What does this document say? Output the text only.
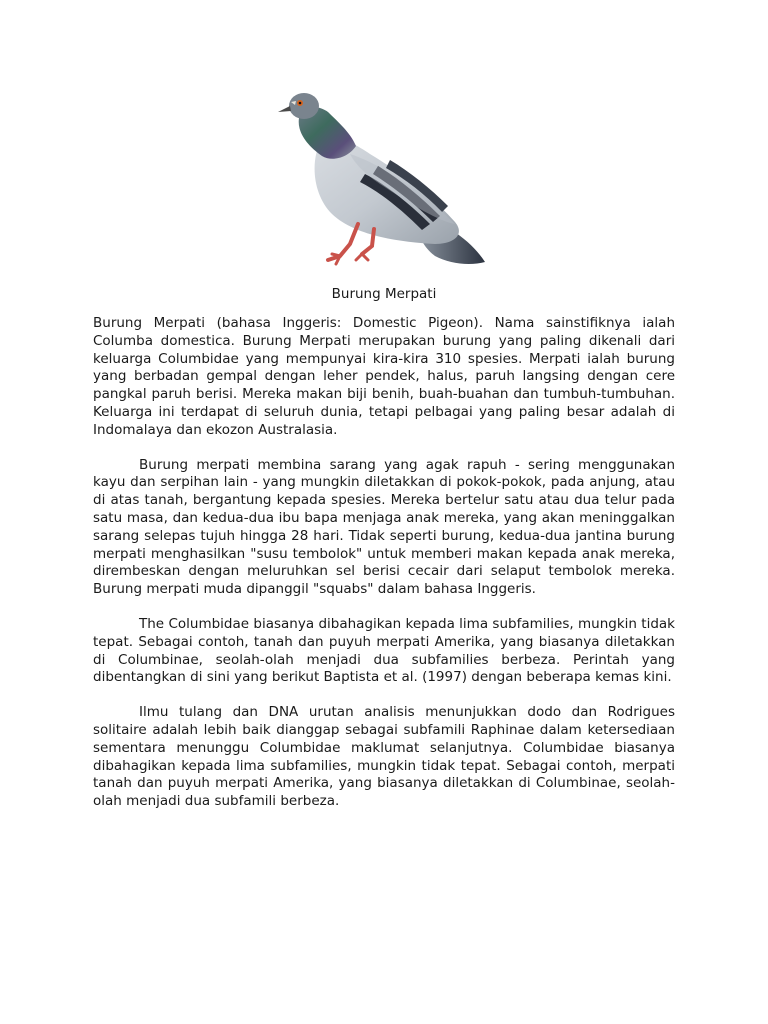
Burung Merpati

Burung Merpati (bahasa Inggeris: Domestic Pigeon). Nama sainstifiknya ialah Columba domestica. Burung Merpati merupakan burung yang paling dikenali dari keluarga Columbidae yang mempunyai kira-kira 310 spesies. Merpati ialah burung yang berbadan gempal dengan leher pendek, halus, paruh langsing dengan cere pangkal paruh berisi. Mereka makan biji benih, buah-buahan dan tumbuh-tumbuhan. Keluarga ini terdapat di seluruh dunia, tetapi pelbagai yang paling besar adalah di Indomalaya dan ekozon Australasia.

Burung merpati membina sarang yang agak rapuh - sering menggunakan kayu dan serpihan lain - yang mungkin diletakkan di pokok-pokok, pada anjung, atau di atas tanah, bergantung kepada spesies. Mereka bertelur satu atau dua telur pada satu masa, dan kedua-dua ibu bapa menjaga anak mereka, yang akan meninggalkan sarang selepas tujuh hingga 28 hari. Tidak seperti burung, kedua-dua jantina burung merpati menghasilkan "susu tembolok" untuk memberi makan kepada anak mereka, dirembeskan dengan meluruhkan sel berisi cecair dari selaput tembolok mereka. Burung merpati muda dipanggil "squabs" dalam bahasa Inggeris.

The Columbidae biasanya dibahagikan kepada lima subfamilies, mungkin tidak tepat. Sebagai contoh, tanah dan puyuh merpati Amerika, yang biasanya diletakkan di Columbinae, seolah-olah menjadi dua subfamilies berbeza. Perintah yang dibentangkan di sini yang berikut Baptista et al. (1997) dengan beberapa kemas kini.

Ilmu tulang dan DNA urutan analisis menunjukkan dodo dan Rodrigues solitaire adalah lebih baik dianggap sebagai subfamili Raphinae dalam ketersediaan sementara menunggu Columbidae maklumat selanjutnya. Columbidae biasanya dibahagikan kepada lima subfamilies, mungkin tidak tepat. Sebagai contoh, merpati tanah dan puyuh merpati Amerika, yang biasanya diletakkan di Columbinae, seolah-olah menjadi dua subfamili berbeza.
